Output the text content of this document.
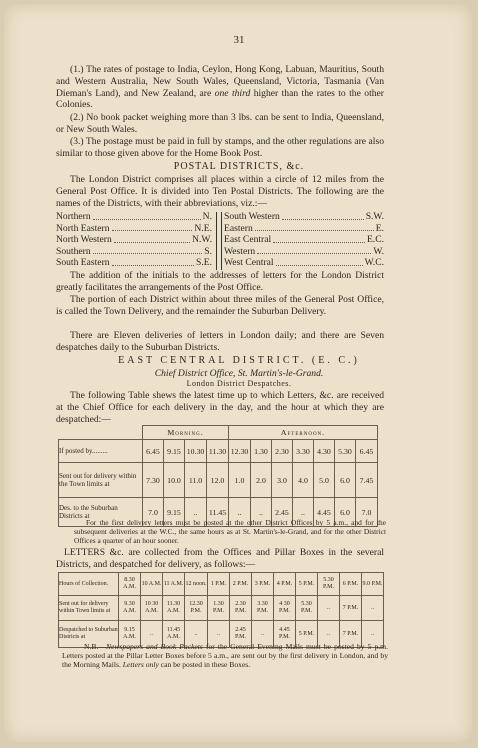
31

(1.) The rates of postage to India, Ceylon, Hong Kong, Labuan, Mauritius, South and Western Australia, New South Wales, Queensland, Victoria, Tasmania (Van Dieman's Land), and New Zealand, are one third higher than the rates to the other Colonies.

(2.) No book packet weighing more than 3 lbs. can be sent to India, Queensland, or New South Wales.

(3.) The postage must be paid in full by stamps, and the other regulations are also similar to those given above for the Home Book Post.

POSTAL DISTRICTS, &c.

The London District comprises all places within a circle of 12 miles from the General Post Office. It is divided into Ten Postal Districts. The following are the names of the Districts, with their abbreviations, viz.:—

Northern	N.
North Eastern	N.E.
North Western	N.W.
Southern	S.
South Eastern	S.E.
South Western	S.W.
Eastern	E.
East Central	E.C.
Western	W.
West Central	W.C.

The addition of the initials to the addresses of letters for the London District greatly facilitates the arrangements of the Post Office.

The portion of each District within about three miles of the General Post Office, is called the Town Delivery, and the remainder the Suburban Delivery.

There are Eleven deliveries of letters in London daily; and there are Seven despatches daily to the Suburban Districts.

EAST CENTRAL DISTRICT. (E. C.)
Chief District Office, St. Martin's-le-Grand.
London District Despatches.

The following Table shews the latest time up to which Letters, &c. are received at the Chief Office for each delivery in the day, and the hour at which they are despatched:—

	Morning.				Afternoon.						
If posted by.........	6.45	9.15	10.30	11.30	12.30	1.30	2.30	3.30	4.30	5.30	6.45
Sent out for delivery within the Town limits at	7.30	10.0	11.0	12.0	1.0	2.0	3.0	4.0	5.0	6.0	7.45
Des. to the Suburban Districts at	7.0	9.15	..	11.45	..	..	2.45	..	4.45	6.0	7.0

For the first delivery letters must be posted at the other District Offices by 5 a.m., and for the subsequent deliveries at the W.C., the same hours as at St. Martin's-le-Grand, and for the other District Offices a quarter of an hour sooner.

LETTERS &c. are collected from the Offices and Pillar Boxes in the several Districts, and despatched for delivery, as follows:—

Hours of Collection.	8.30 A.M.	10 A.M.	11 A.M.	12 noon.	1 P.M.	2 P.M.	3 P.M.	4 P.M.	5 P.M.	5.30 P.M.	6 P.M.	9.0 P.M.
Sent out for delivery within Town limits at	9.30 A.M.	10 30 A.M.	11.30 A.M.	12.30 P.M.	1.30 P.M.	2.30 P.M.	3.30 P.M.	4 30 P.M.	5.30 P.M.	..	7 P.M.	..
Despatched to Suburban Districts at	9.15 A.M.	..	11.45 A.M.	..	..	2.45 P.M.	..	4.45 P.M.	5 P.M.	..	7 P.M.	..

N.B.—Newspapers and Book Packets for the General Evening Mails must be posted by 5 p.m. Letters posted at the Pillar Letter Boxes before 5 a.m., are sent out by the first delivery in London, and by the Morning Mails. Letters only can be posted in these Boxes.
